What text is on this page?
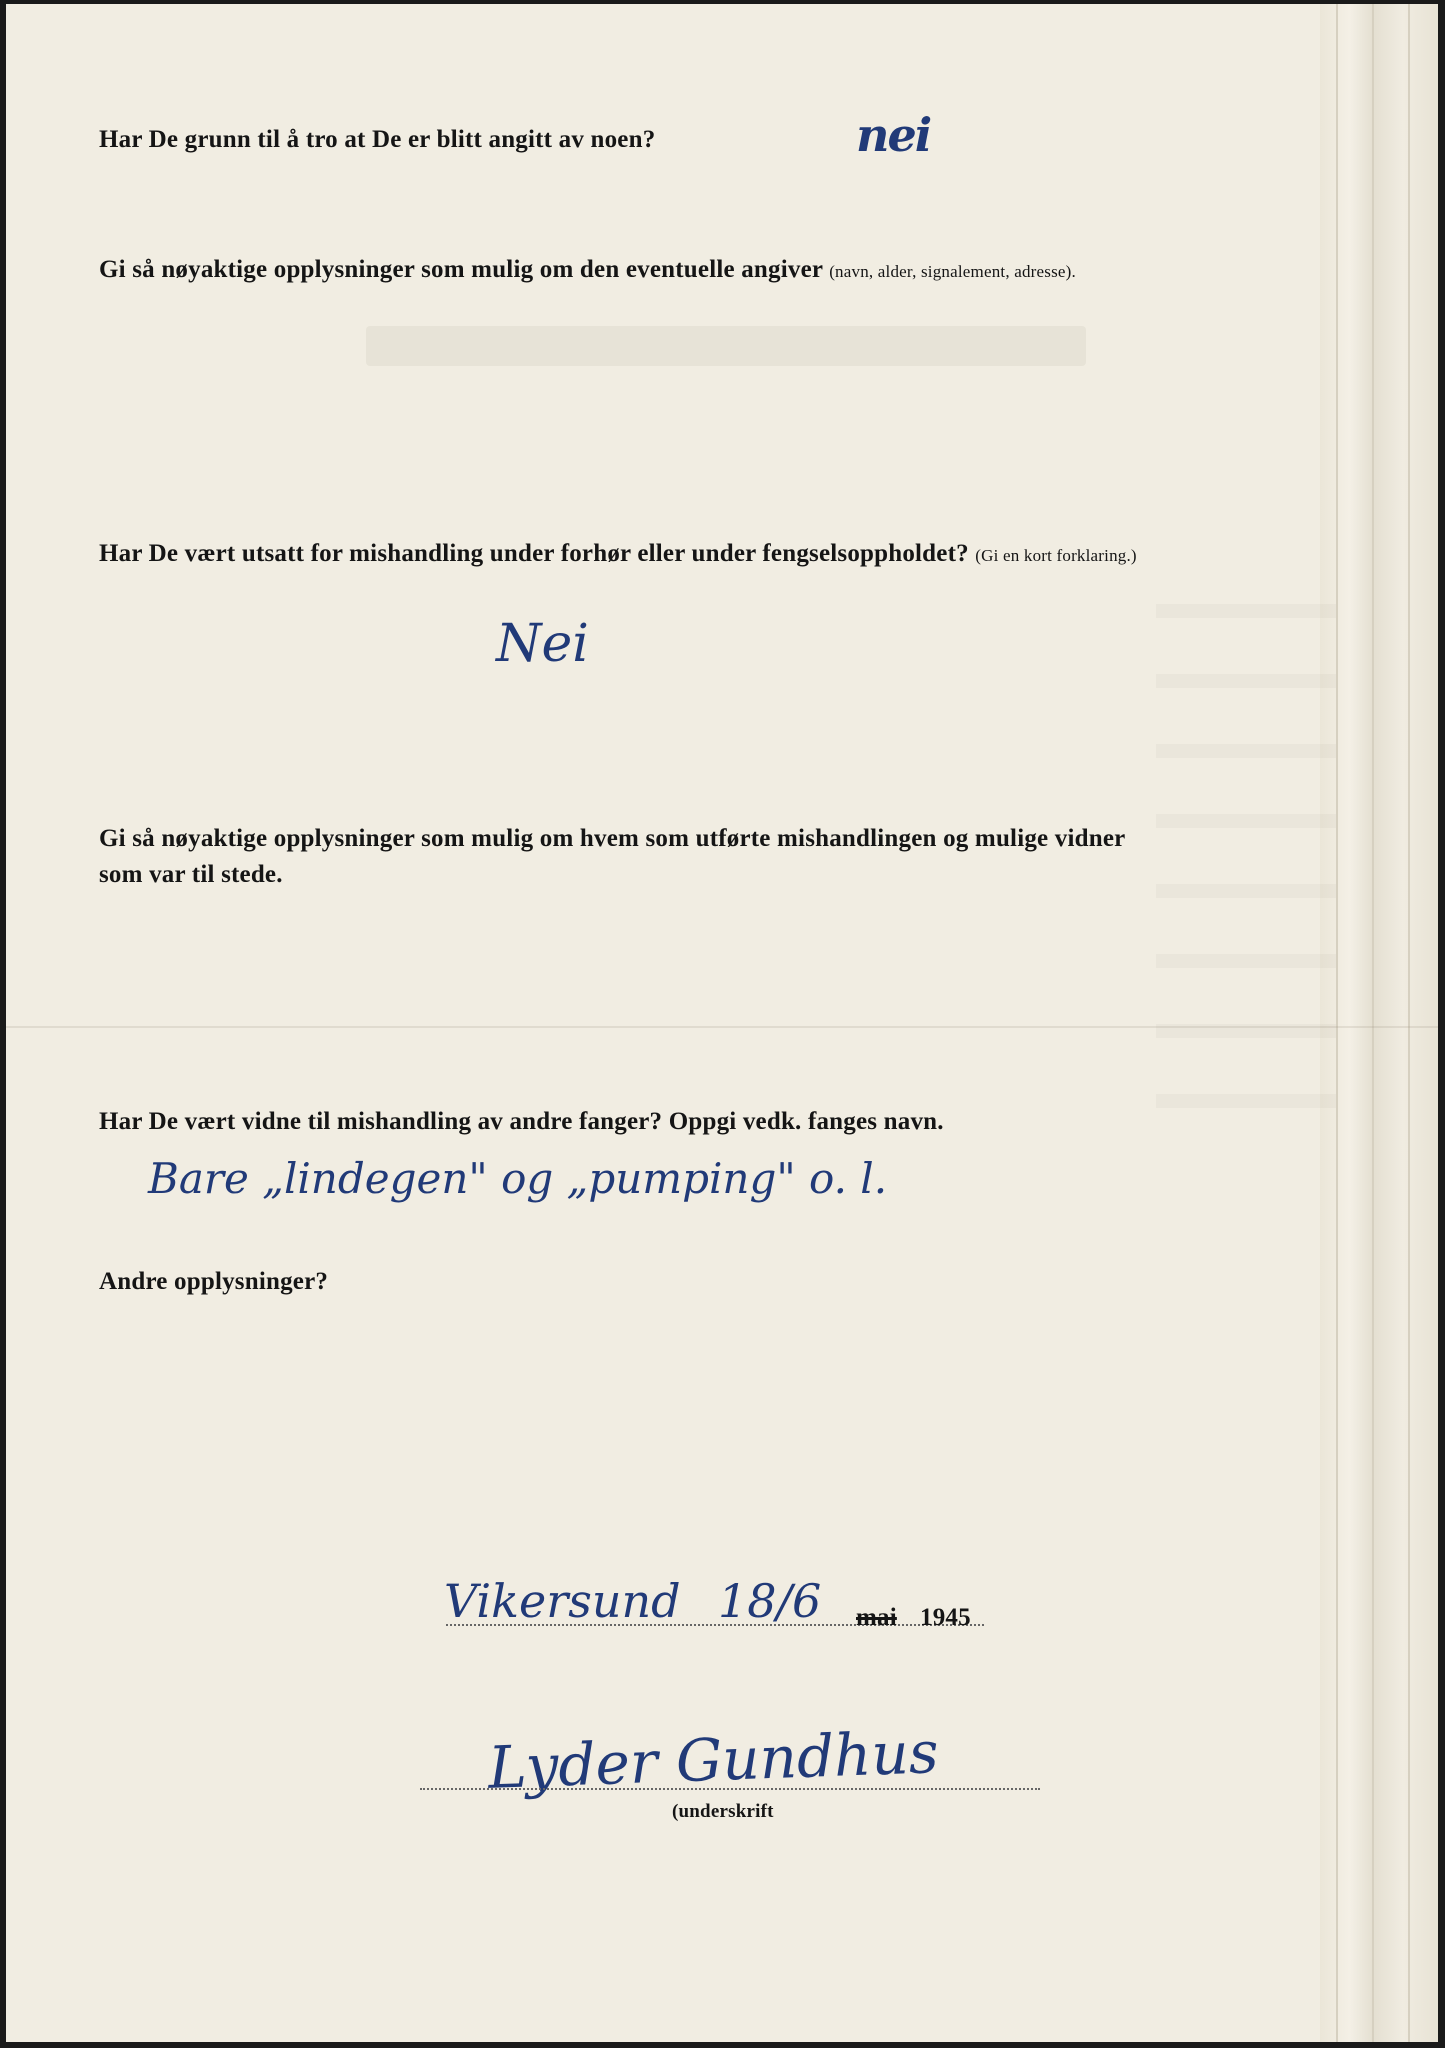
Har De grunn til å tro at De er blitt angitt av noen?	nei

Gi så nøyaktige opplysninger som mulig om den eventuelle angiver (navn, alder, signalement, adresse).

Har De vært utsatt for mishandling under forhør eller under fengselsoppholdet? (Gi en kort forklaring.)

Nei

Gi så nøyaktige opplysninger som mulig om hvem som utførte mishandlingen og mulige vidner
som var til stede.

Har De vært vidne til mishandling av andre fanger? Oppgi vedk. fanges navn.

Bare „lindegen" og „pumping" o. l.

Andre opplysninger?

Vikersund 18/6 mai 1945
Lyder Gundhus
(underskrift
